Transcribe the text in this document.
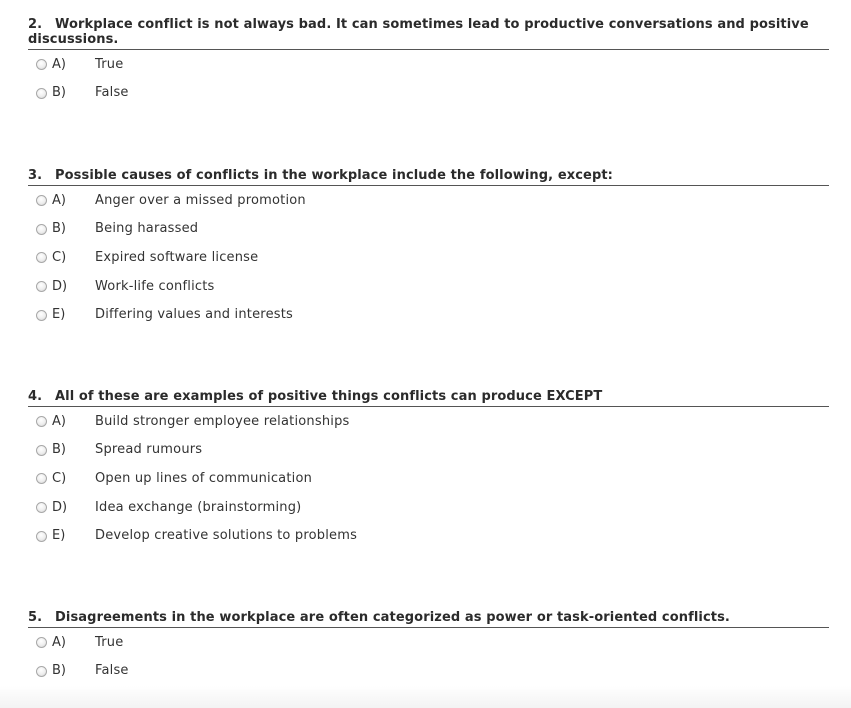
2. Workplace conflict is not always bad. It can sometimes lead to productive conversations and positive discussions.
A) True
B) False
3. Possible causes of conflicts in the workplace include the following, except:
A) Anger over a missed promotion
B) Being harassed
C) Expired software license
D) Work-life conflicts
E) Differing values and interests
4. All of these are examples of positive things conflicts can produce EXCEPT
A) Build stronger employee relationships
B) Spread rumours
C) Open up lines of communication
D) Idea exchange (brainstorming)
E) Develop creative solutions to problems
5. Disagreements in the workplace are often categorized as power or task-oriented conflicts.
A) True
B) False
